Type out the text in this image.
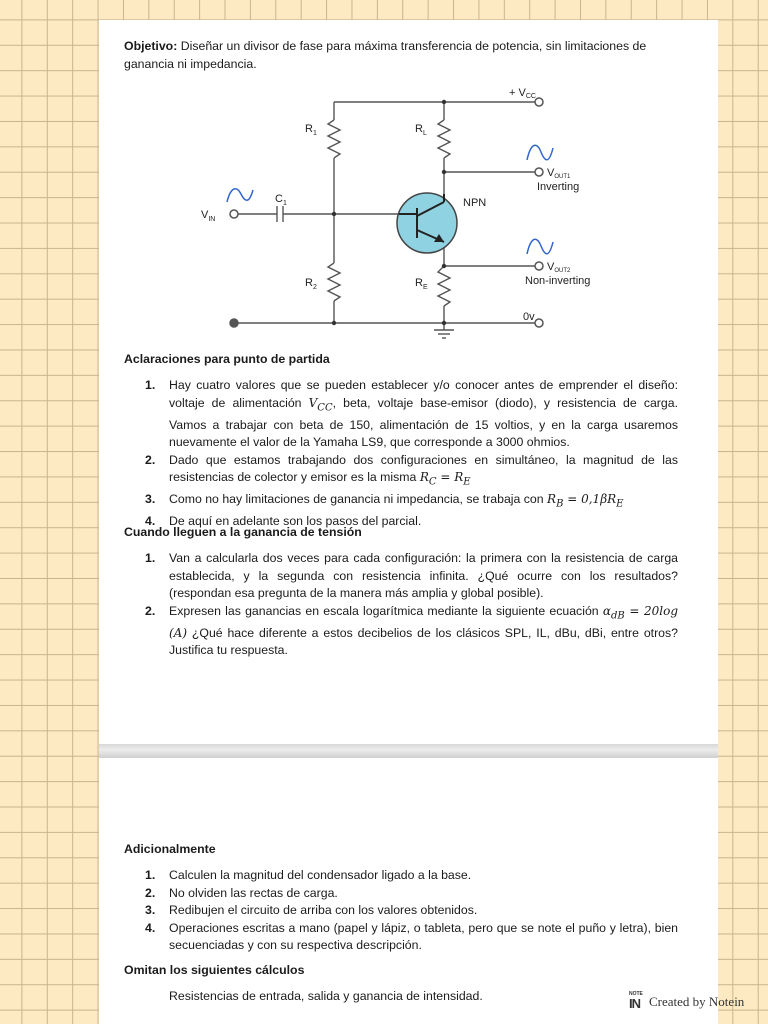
Objetivo: Diseñar un divisor de fase para máxima transferencia de potencia, sin limitaciones de ganancia ni impedancia.
+ VCC
$R_1$	$R_L$
$R_2$	$R_E$
$C_1$
$V_{IN}$
NPN
VOUT1
Inverting
VOUT2
Non-inverting
0v
Aclaraciones para punto de partida
1. Hay cuatro valores que se pueden establecer y/o conocer antes de emprender el diseño: voltaje de alimentación $V_{CC}$, beta, voltaje base-emisor (diodo), y resistencia de carga. Vamos a trabajar con beta de 150, alimentación de 15 voltios, y en la carga usaremos nuevamente el valor de la Yamaha LS9, que corresponde a 3000 ohmios.
2. Dado que estamos trabajando dos configuraciones en simultáneo, la magnitud de las resistencias de colector y emisor es la misma $R_C = R_E$
3. Como no hay limitaciones de ganancia ni impedancia, se trabaja con $R_B = 0,1\beta R_E$
4. De aquí en adelante son los pasos del parcial.
Cuando lleguen a la ganancia de tensión
1. Van a calcularla dos veces para cada configuración: la primera con la resistencia de carga establecida, y la segunda con resistencia infinita. ¿Qué ocurre con los resultados? (respondan esa pregunta de la manera más amplia y global posible).
2. Expresen las ganancias en escala logarítmica mediante la siguiente ecuación $\alpha_{dB} = 20\log$ (A) ¿Qué hace diferente a estos decibelios de los clásicos SPL, IL, dBu, dBi, entre otros? Justifica tu respuesta.
Adicionalmente
1. Calculen la magnitud del condensador ligado a la base.
2. No olviden las rectas de carga.
3. Redibujen el circuito de arriba con los valores obtenidos.
4. Operaciones escritas a mano (papel y lápiz, o tableta, pero que se note el puño y letra), bien secuenciadas y con su respectiva descripción.
Omitan los siguientes cálculos
Resistencias de entrada, salida y ganancia de intensidad.	NOTE
IN Created by Notein
